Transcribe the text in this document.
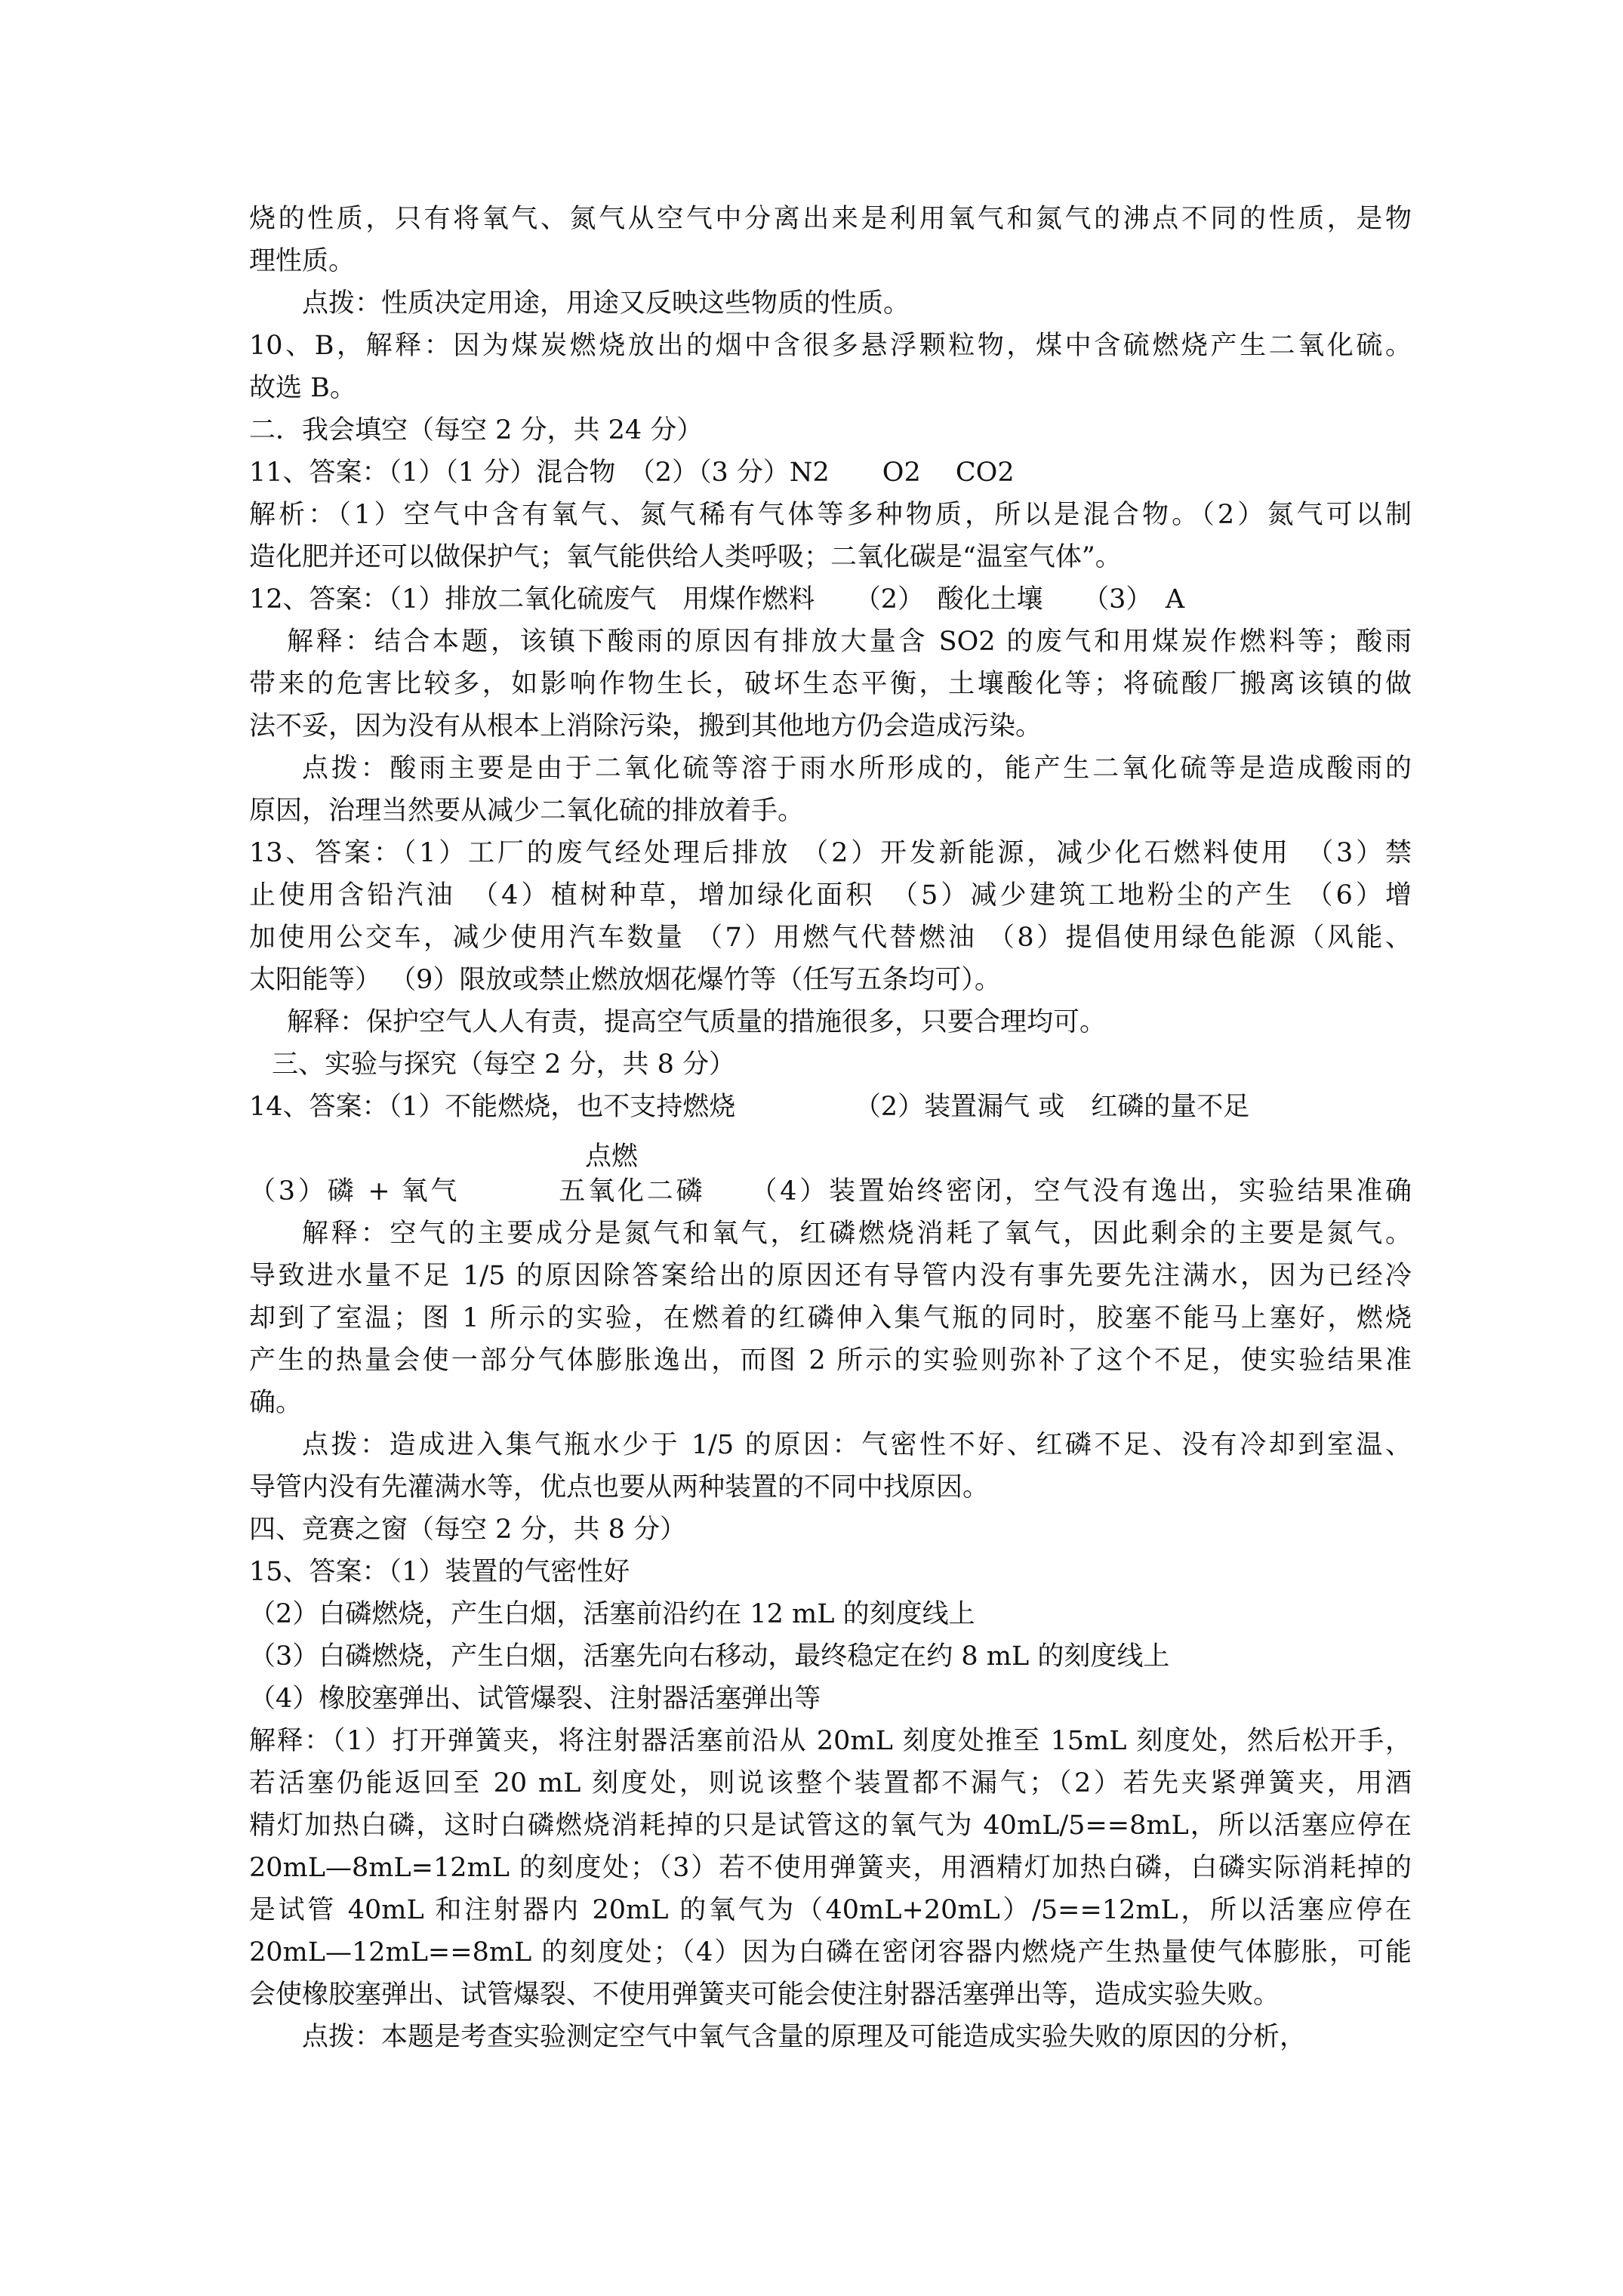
烧的性质，只有将氧气、氮气从空气中分离出来是利用氧气和氮气的沸点不同的性质，是物
理性质。
点拨：性质决定用途，用途又反映这些物质的性质。
10、B，解释：因为煤炭燃烧放出的烟中含很多悬浮颗粒物，煤中含硫燃烧产生二氧化硫。
故选 B。
二．我会填空（每空 2 分，共 24 分）
11、答案：（1）（1 分）混合物　（2）（3 分）N2　　O2　 CO2
解析：（1）空气中含有氧气、氮气稀有气体等多种物质，所以是混合物。（2）氮气可以制
造化肥并还可以做保护气；氧气能供给人类呼吸；二氧化碳是“温室气体”。
12、答案：（1）排放二氧化硫废气　用煤作燃料　　（2）　酸化土壤　　（3）　A
解释：结合本题，该镇下酸雨的原因有排放大量含 SO2 的废气和用煤炭作燃料等；酸雨
带来的危害比较多，如影响作物生长，破坏生态平衡，土壤酸化等；将硫酸厂搬离该镇的做
法不妥，因为没有从根本上消除污染，搬到其他地方仍会造成污染。
点拨：酸雨主要是由于二氧化硫等溶于雨水所形成的，能产生二氧化硫等是造成酸雨的
原因，治理当然要从减少二氧化硫的排放着手。
13、答案：（1）工厂的废气经处理后排放 （2）开发新能源，减少化石燃料使用　（3）禁
止使用含铅汽油　（4）植树种草，增加绿化面积　（5）减少建筑工地粉尘的产生 （6）增
加使用公交车，减少使用汽车数量 （7）用燃气代替燃油 （8）提倡使用绿色能源（风能、
太阳能等） （9）限放或禁止燃放烟花爆竹等（任写五条均可）。
解释：保护空气人人有责，提高空气质量的措施很多，只要合理均可。
三、实验与探究（每空 2 分，共 8 分）
14、答案：（1）不能燃烧，也不支持燃烧　　　　　（2）装置漏气 或　红磷的量不足
点燃
（3）磷 + 氧气　　　 五氧化二磷　　（4）装置始终密闭，空气没有逸出，实验结果准确
解释：空气的主要成分是氮气和氧气，红磷燃烧消耗了氧气，因此剩余的主要是氮气。
导致进水量不足 1/5 的原因除答案给出的原因还有导管内没有事先要先注满水，因为已经冷
却到了室温；图 1 所示的实验，在燃着的红磷伸入集气瓶的同时，胶塞不能马上塞好，燃烧
产生的热量会使一部分气体膨胀逸出，而图 2 所示的实验则弥补了这个不足，使实验结果准
确。
点拨：造成进入集气瓶水少于 1/5 的原因：气密性不好、红磷不足、没有冷却到室温、
导管内没有先灌满水等，优点也要从两种装置的不同中找原因。
四、竞赛之窗（每空 2 分，共 8 分）
15、答案：（1）装置的气密性好
（2）白磷燃烧，产生白烟，活塞前沿约在 12 mL 的刻度线上
（3）白磷燃烧，产生白烟，活塞先向右移动，最终稳定在约 8 mL 的刻度线上
（4）橡胶塞弹出、试管爆裂、注射器活塞弹出等
解释：（1）打开弹簧夹，将注射器活塞前沿从 20mL 刻度处推至 15mL 刻度处，然后松开手，
若活塞仍能返回至 20 mL 刻度处，则说该整个装置都不漏气；（2）若先夹紧弹簧夹，用酒
精灯加热白磷，这时白磷燃烧消耗掉的只是试管这的氧气为 40mL/5==8mL，所以活塞应停在
20mL—8mL=12mL 的刻度处；（3）若不使用弹簧夹，用酒精灯加热白磷，白磷实际消耗掉的
是试管 40mL 和注射器内 20mL 的氧气为（40mL+20mL）/5==12mL，所以活塞应停在
20mL—12mL==8mL 的刻度处；（4）因为白磷在密闭容器内燃烧产生热量使气体膨胀，可能
会使橡胶塞弹出、试管爆裂、不使用弹簧夹可能会使注射器活塞弹出等，造成实验失败。
点拨：本题是考查实验测定空气中氧气含量的原理及可能造成实验失败的原因的分析，
